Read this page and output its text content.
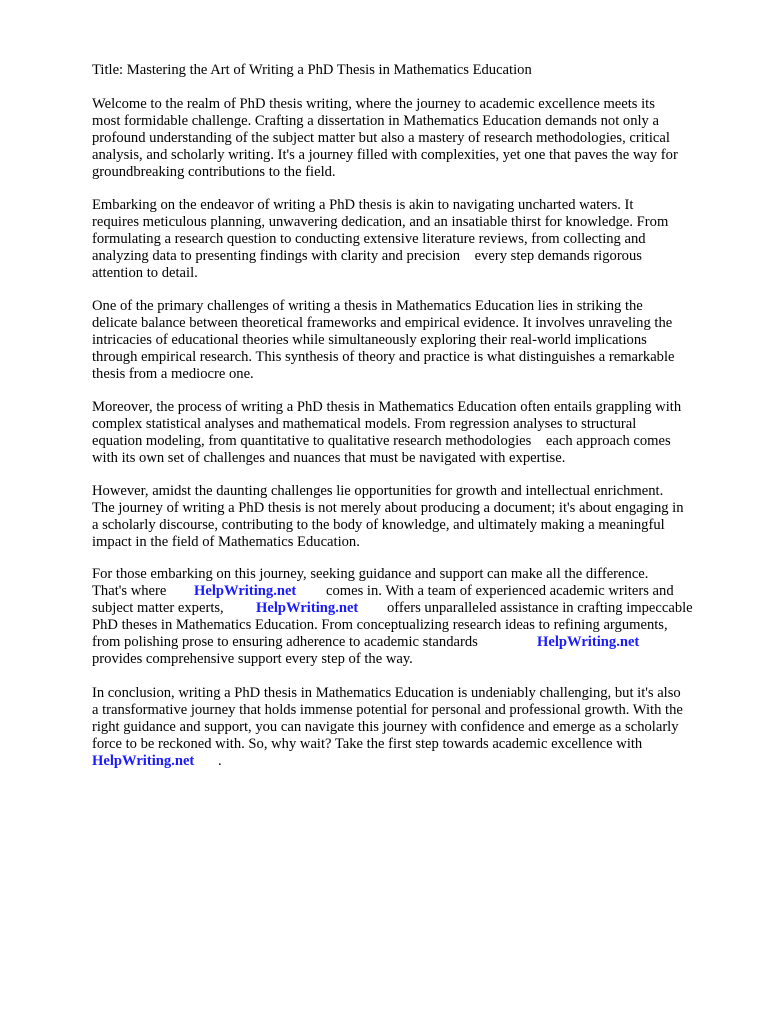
Title: Mastering the Art of Writing a PhD Thesis in Mathematics Education
Welcome to the realm of PhD thesis writing, where the journey to academic excellence meets its
most formidable challenge. Crafting a dissertation in Mathematics Education demands not only a
profound understanding of the subject matter but also a mastery of research methodologies, critical
analysis, and scholarly writing. It's a journey filled with complexities, yet one that paves the way for
groundbreaking contributions to the field.
Embarking on the endeavor of writing a PhD thesis is akin to navigating uncharted waters. It
requires meticulous planning, unwavering dedication, and an insatiable thirst for knowledge. From
formulating a research question to conducting extensive literature reviews, from collecting and
analyzing data to presenting findings with clarity and precision    every step demands rigorous
attention to detail.
One of the primary challenges of writing a thesis in Mathematics Education lies in striking the
delicate balance between theoretical frameworks and empirical evidence. It involves unraveling the
intricacies of educational theories while simultaneously exploring their real-world implications
through empirical research. This synthesis of theory and practice is what distinguishes a remarkable
thesis from a mediocre one.
Moreover, the process of writing a PhD thesis in Mathematics Education often entails grappling with
complex statistical analyses and mathematical models. From regression analyses to structural
equation modeling, from quantitative to qualitative research methodologies    each approach comes
with its own set of challenges and nuances that must be navigated with expertise.
However, amidst the daunting challenges lie opportunities for growth and intellectual enrichment.
The journey of writing a PhD thesis is not merely about producing a document; it's about engaging in
a scholarly discourse, contributing to the body of knowledge, and ultimately making a meaningful
impact in the field of Mathematics Education.
For those embarking on this journey, seeking guidance and support can make all the difference.
That's where HelpWriting.net comes in. With a team of experienced academic writers and
subject matter experts, HelpWriting.net offers unparalleled assistance in crafting impeccable
PhD theses in Mathematics Education. From conceptualizing research ideas to refining arguments,
from polishing prose to ensuring adherence to academic standards	HelpWriting.net
provides comprehensive support every step of the way.
In conclusion, writing a PhD thesis in Mathematics Education is undeniably challenging, but it's also
a transformative journey that holds immense potential for personal and professional growth. With the
right guidance and support, you can navigate this journey with confidence and emerge as a scholarly
force to be reckoned with. So, why wait? Take the first step towards academic excellence with
HelpWriting.net .
